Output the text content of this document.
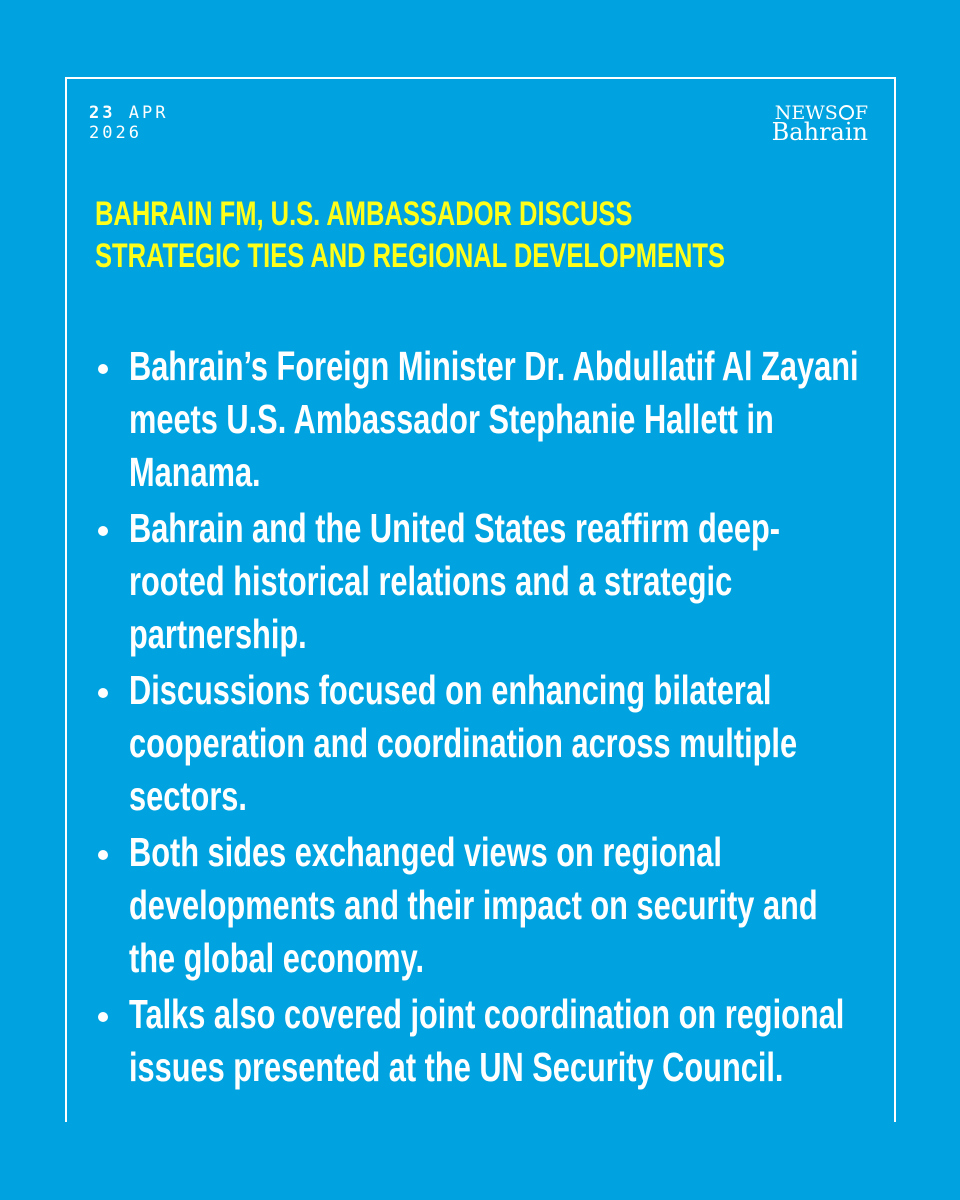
23 APR
2026
NEWS F
Bahrain
BAHRAIN FM, U.S. AMBASSADOR DISCUSS
STRATEGIC TIES AND REGIONAL DEVELOPMENTS
Bahrain’s Foreign Minister Dr. Abdullatif Al Zayani meets U.S. Ambassador Stephanie Hallett in Manama.
Bahrain and the United States reaffirm deep-rooted historical relations and a strategic partnership.
Discussions focused on enhancing bilateral cooperation and coordination across multiple sectors.
Both sides exchanged views on regional developments and their impact on security and the global economy.
Talks also covered joint coordination on regional issues presented at the UN Security Council.
